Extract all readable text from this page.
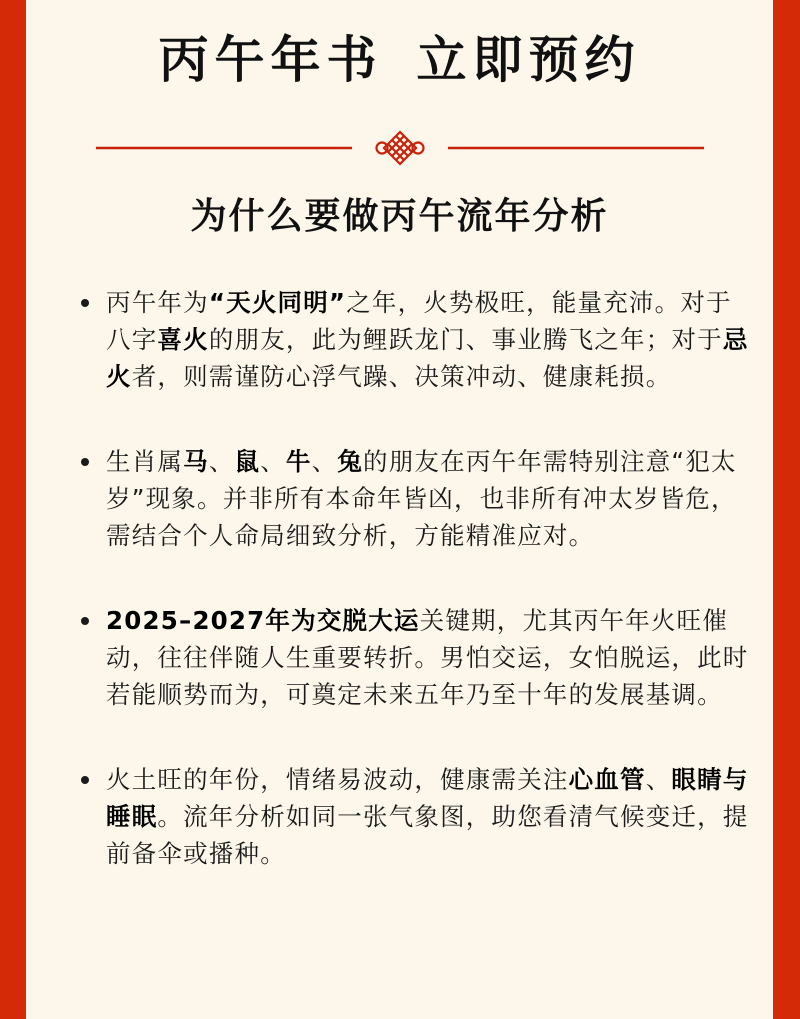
丙午年书 立即预约
为什么要做丙午流年分析
丙午年为“天火同明”之年，火势极旺，能量充沛。对于八字喜火的朋友，此为鲤跃龙门、事业腾飞之年；对于忌火者，则需谨防心浮气躁、决策冲动、健康耗损。
生肖属马、鼠、牛、兔的朋友在丙午年需特别注意“犯太岁”现象。并非所有本命年皆凶，也非所有冲太岁皆危，需结合个人命局细致分析，方能精准应对。
2025–2027年为交脱大运关键期，尤其丙午年火旺催动，往往伴随人生重要转折。男怕交运，女怕脱运，此时若能顺势而为，可奠定未来五年乃至十年的发展基调。
火土旺的年份，情绪易波动，健康需关注心血管、眼睛与睡眠。流年分析如同一张气象图，助您看清气候变迁，提前备伞或播种。
